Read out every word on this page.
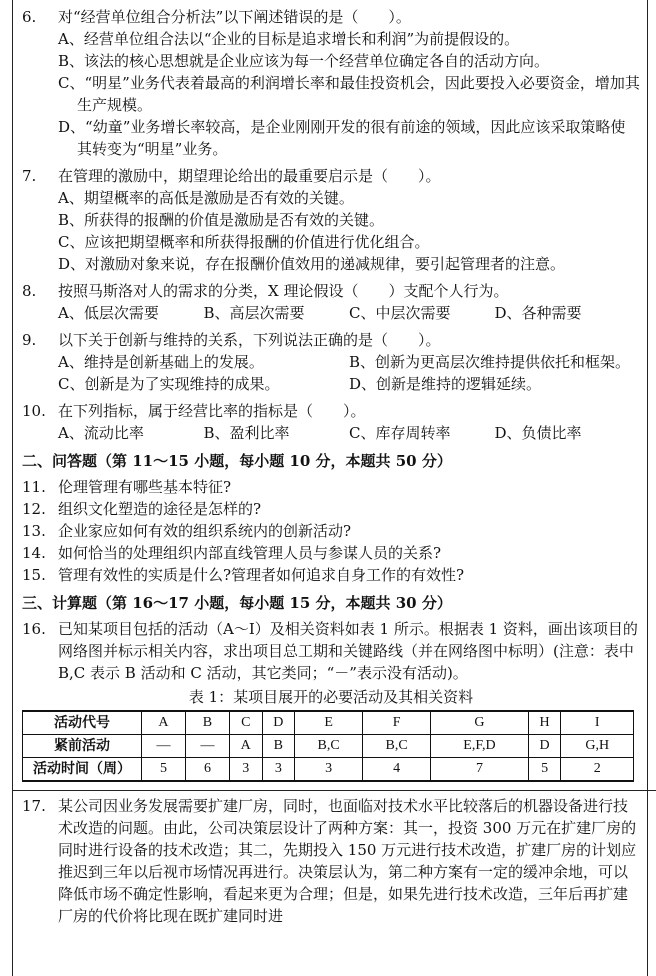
6.	对“经营单位组合分析法”以下阐述错误的是（　　）。
A、经营单位组合法以“企业的目标是追求增长和利润”为前提假设的。
B、该法的核心思想就是企业应该为每一个经营单位确定各自的活动方向。
C、“明星”业务代表着最高的利润增长率和最佳投资机会，因此要投入必要资金，增加其生产规模。
D、“幼童”业务增长率较高，是企业刚刚开发的很有前途的领域，因此应该采取策略使其转变为“明星”业务。
7.	在管理的激励中，期望理论给出的最重要启示是（　　）。
A、期望概率的高低是激励是否有效的关键。
B、所获得的报酬的价值是激励是否有效的关键。
C、应该把期望概率和所获得报酬的价值进行优化组合。
D、对激励对象来说，存在报酬价值效用的递减规律，要引起管理者的注意。
8.	按照马斯洛对人的需求的分类，X 理论假设（　　）支配个人行为。
A、低层次需要	B、高层次需要	C、中层次需要	D、各种需要
9.	以下关于创新与维持的关系，下列说法正确的是（　　）。
A、维持是创新基础上的发展。	B、创新为更高层次维持提供依托和框架。
C、创新是为了实现维持的成果。	D、创新是维持的逻辑延续。
10. 在下列指标，属于经营比率的指标是（　　）。
A、流动比率	B、盈利比率	C、库存周转率	D、负债比率
二、问答题（第 11～15 小题，每小题 10 分，本题共 50 分）
11. 伦理管理有哪些基本特征?
12. 组织文化塑造的途径是怎样的?
13. 企业家应如何有效的组织系统内的创新活动?
14. 如何恰当的处理组织内部直线管理人员与参谋人员的关系?
15. 管理有效性的实质是什么?管理者如何追求自身工作的有效性?
三、计算题（第 16～17 小题，每小题 15 分，本题共 30 分）
16. 已知某项目包括的活动（A～I）及相关资料如表 1 所示。根据表 1 资料，画出该项目的网络图并标示相关内容，求出项目总工期和关键路线（并在网络图中标明）(注意：表中 B,C 表示 B 活动和 C 活动，其它类同；“－”表示没有活动)。
表 1：某项目展开的必要活动及其相关资料
活动代号	A	B	C	D	E	F	G	H	I
紧前活动	—	—	A	B	B,C	B,C	E,F,D	D	G,H
活动时间（周）	5	6	3	3	3	4	7	5	2
17. 某公司因业务发展需要扩建厂房，同时，也面临对技术水平比较落后的机器设备进行技术改造的问题。由此，公司决策层设计了两种方案：其一，投资 300 万元在扩建厂房的同时进行设备的技术改造；其二，先期投入 150 万元进行技术改造，扩建厂房的计划应推迟到三年以后视市场情况再进行。决策层认为，第二种方案有一定的缓冲余地，可以降低市场不确定性影响，看起来更为合理；但是，如果先进行技术改造，三年后再扩建厂房的代价将比现在既扩建同时进
